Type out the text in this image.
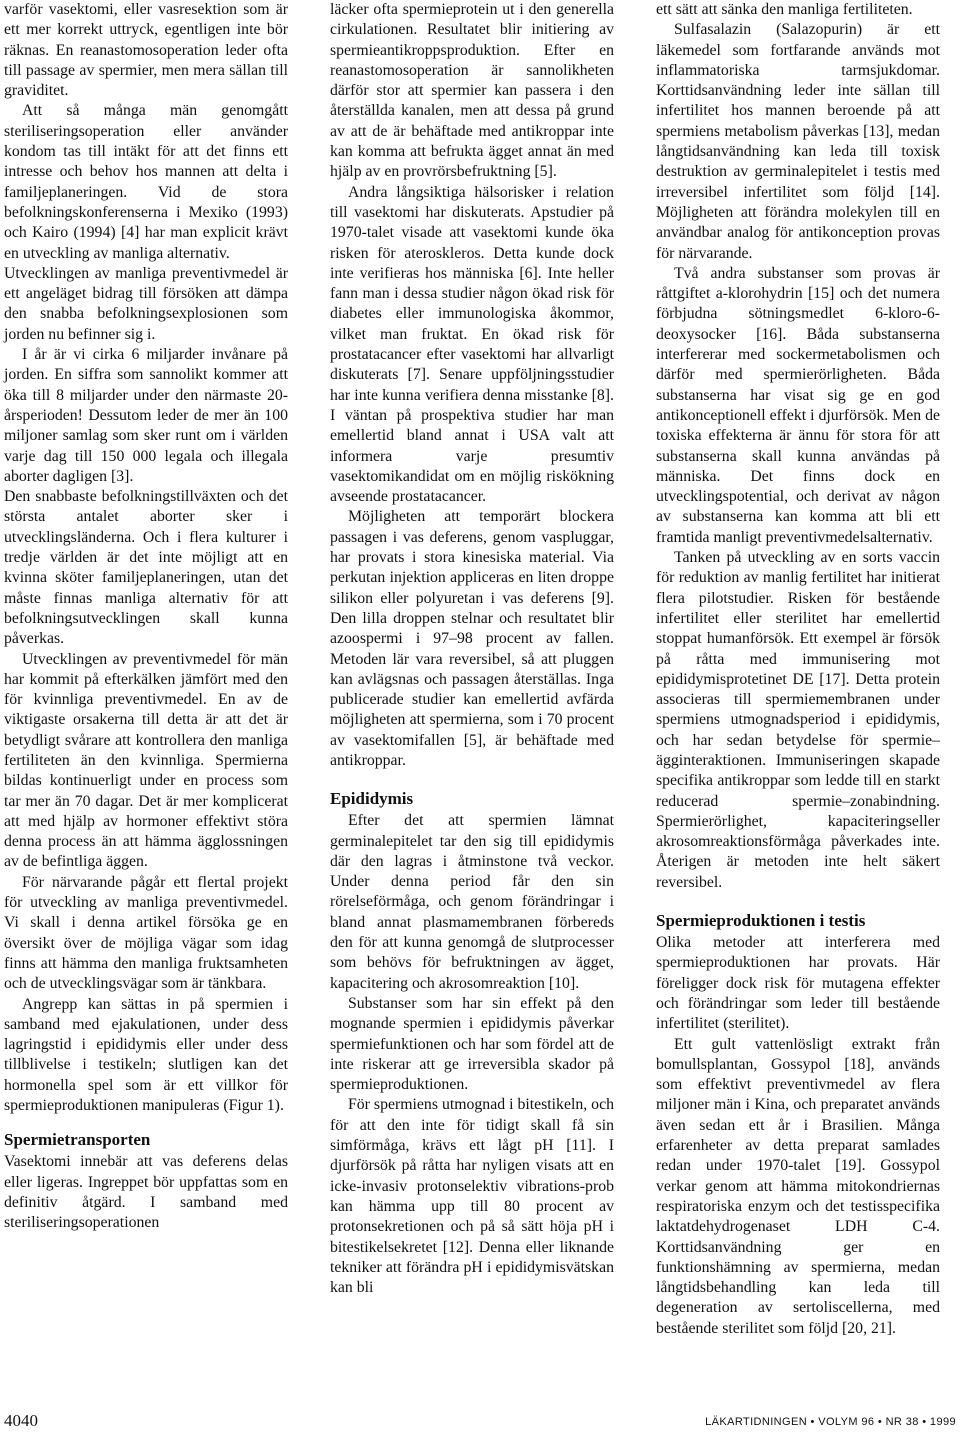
varför vasektomi, eller vasresektion som är ett mer korrekt uttryck, egentligen inte bör räknas. En reanastomosoperation leder ofta till passage av spermier, men mera sällan till graviditet.

Att så många män genomgått steriliseringsoperation eller använder kondom tas till intäkt för att det finns ett intresse och behov hos mannen att delta i familjeplaneringen. Vid de stora befolkningskonferenserna i Mexiko (1993) och Kairo (1994) [4] har man explicit krävt en utveckling av manliga alternativ.

Utvecklingen av manliga preventivmedel är ett angeläget bidrag till försöken att dämpa den snabba befolkningsexplosionen som jorden nu befinner sig i.

I år är vi cirka 6 miljarder invånare på jorden. En siffra som sannolikt kommer att öka till 8 miljarder under den närmaste 20-årsperioden! Dessutom leder de mer än 100 miljoner samlag som sker runt om i världen varje dag till 150 000 legala och illegala aborter dagligen [3].

Den snabbaste befolkningstillväxten och det största antalet aborter sker i utvecklingsländerna. Och i flera kulturer i tredje världen är det inte möjligt att en kvinna sköter familjeplaneringen, utan det måste finnas manliga alternativ för att befolkningsutvecklingen skall kunna påverkas.

Utvecklingen av preventivmedel för män har kommit på efterkälken jämfört med den för kvinnliga preventivmedel. En av de viktigaste orsakerna till detta är att det är betydligt svårare att kontrollera den manliga fertiliteten än den kvinnliga. Spermierna bildas kontinuerligt under en process som tar mer än 70 dagar. Det är mer komplicerat att med hjälp av hormoner effektivt störa denna process än att hämma ägglossningen av de befintliga äggen.

För närvarande pågår ett flertal projekt för utveckling av manliga preventivmedel. Vi skall i denna artikel försöka ge en översikt över de möjliga vägar som idag finns att hämma den manliga fruktsamheten och de utvecklingsvägar som är tänkbara.

Angrepp kan sättas in på spermien i samband med ejakulationen, under dess lagringstid i epididymis eller under dess tillblivelse i testikeln; slutligen kan det hormonella spel som är ett villkor för spermieproduktionen manipuleras (Figur 1).

Spermietransporten

Vasektomi innebär att vas deferens delas eller ligeras. Ingreppet bör uppfattas som en definitiv åtgärd. I samband med steriliseringsoperationen

läcker ofta spermieprotein ut i den generella cirkulationen. Resultatet blir initiering av spermieantikroppsproduktion. Efter en reanastomosoperation är sannolikheten därför stor att spermier kan passera i den återställda kanalen, men att dessa på grund av att de är behäftade med antikroppar inte kan komma att befrukta ägget annat än med hjälp av en provrörsbefruktning [5].

Andra långsiktiga hälsorisker i relation till vasektomi har diskuterats. Apstudier på 1970-talet visade att vasektomi kunde öka risken för ateroskleros. Detta kunde dock inte verifieras hos människa [6]. Inte heller fann man i dessa studier någon ökad risk för diabetes eller immunologiska åkommor, vilket man fruktat. En ökad risk för prostatacancer efter vasektomi har allvarligt diskuterats [7]. Senare uppföljningsstudier har inte kunna verifiera denna misstanke [8]. I väntan på prospektiva studier har man emellertid bland annat i USA valt att informera varje presumtiv vasektomikandidat om en möjlig riskökning avseende prostatacancer.

Möjligheten att temporärt blockera passagen i vas deferens, genom vaspluggar, har provats i stora kinesiska material. Via perkutan injektion appliceras en liten droppe silikon eller polyuretan i vas deferens [9]. Den lilla droppen stelnar och resultatet blir azoospermi i 97–98 procent av fallen. Metoden lär vara reversibel, så att pluggen kan avlägsnas och passagen återställas. Inga publicerade studier kan emellertid avfärda möjligheten att spermierna, som i 70 procent av vasektomifallen [5], är behäftade med antikroppar.

Epididymis

Efter det att spermien lämnat germinalepitelet tar den sig till epididymis där den lagras i åtminstone två veckor. Under denna period får den sin rörelseförmåga, och genom förändringar i bland annat plasmamembranen förbereds den för att kunna genomgå de slutprocesser som behövs för befruktningen av ägget, kapacitering och akrosomreaktion [10].

Substanser som har sin effekt på den mognande spermien i epididymis påverkar spermiefunktionen och har som fördel att de inte riskerar att ge irreversibla skador på spermieproduktionen.

För spermiens utmognad i bitestikeln, och för att den inte för tidigt skall få sin simförmåga, krävs ett lågt pH [11]. I djurförsök på råtta har nyligen visats att en icke-invasiv protonselektiv vibrations-prob kan hämma upp till 80 procent av protonsekretionen och på så sätt höja pH i bitestikelsekretet [12]. Denna eller liknande tekniker att förändra pH i epididymisvätskan kan bli

ett sätt att sänka den manliga fertiliteten.

Sulfasalazin (Salazopurin) är ett läkemedel som fortfarande används mot inflammatoriska tarmsjukdomar. Korttidsanvändning leder inte sällan till infertilitet hos mannen beroende på att spermiens metabolism påverkas [13], medan långtidsanvändning kan leda till toxisk destruktion av germinalepitelet i testis med irreversibel infertilitet som följd [14]. Möjligheten att förändra molekylen till en användbar analog för antikonception provas för närvarande.

Två andra substanser som provas är råttgiftet a-klorohydrin [15] och det numera förbjudna sötningsmedlet 6-kloro-6-deoxysocker [16]. Båda substanserna interfererar med sockermetabolismen och därför med spermierörligheten. Båda substanserna har visat sig ge en god antikonceptionell effekt i djurförsök. Men de toxiska effekterna är ännu för stora för att substanserna skall kunna användas på människa. Det finns dock en utvecklingspotential, och derivat av någon av substanserna kan komma att bli ett framtida manligt preventivmedelsalternativ.

Tanken på utveckling av en sorts vaccin för reduktion av manlig fertilitet har initierat flera pilotstudier. Risken för bestående infertilitet eller sterilitet har emellertid stoppat humanförsök. Ett exempel är försök på råtta med immunisering mot epididymisprotetinet DE [17]. Detta protein associeras till spermiemembranen under spermiens utmognadsperiod i epididymis, och har sedan betydelse för spermie–ägginteraktionen. Immuniseringen skapade specifika antikroppar som ledde till en starkt reducerad spermie–zonabindning. Spermierörlighet, kapaciteringseller akrosomreaktionsförmåga påverkades inte. Återigen är metoden inte helt säkert reversibel.

Spermieproduktionen i testis

Olika metoder att interferera med spermieproduktionen har provats. Här föreligger dock risk för mutagena effekter och förändringar som leder till bestående infertilitet (sterilitet).

Ett gult vattenlösligt extrakt från bomullsplantan, Gossypol [18], används som effektivt preventivmedel av flera miljoner män i Kina, och preparatet används även sedan ett år i Brasilien. Många erfarenheter av detta preparat samlades redan under 1970-talet [19]. Gossypol verkar genom att hämma mitokondriernas respiratoriska enzym och det testisspecifika laktatdehydrogenaset LDH C-4. Korttidsanvändning ger en funktionshämning av spermierna, medan långtidsbehandling kan leda till degeneration av sertoliscellerna, med bestående sterilitet som följd [20, 21].

4040	LÄKARTIDNINGEN • VOLYM 96 • NR 38 • 1999
